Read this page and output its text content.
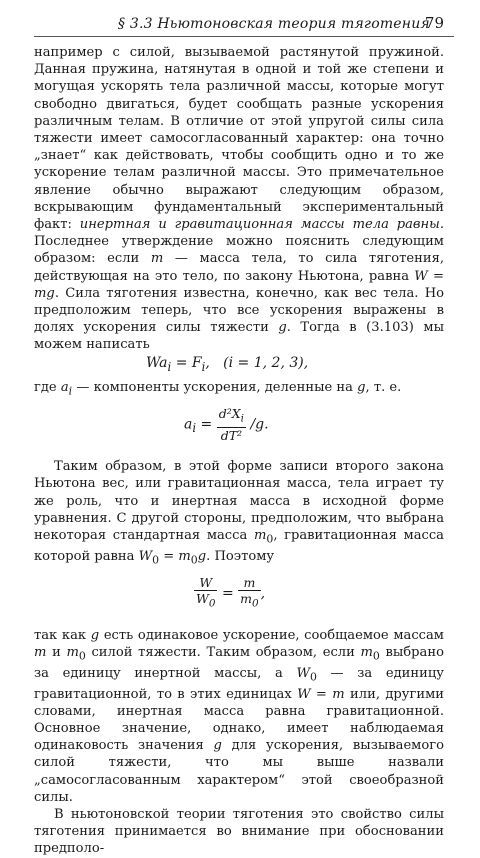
§ 3.3 Ньютоновская теория тяготения
79

например с силой, вызываемой растянутой пружиной. Данная пружина, натянутая в одной и той же степени и могущая ускорять тела различной массы, которые могут свободно двигаться, будет сообщать разные ускорения различным телам. В отличие от этой упругой силы сила тяжести имеет самосогласованный характер: она точно „знает“ как действовать, чтобы сообщить одно и то же ускорение телам различной массы. Это примечательное явление обычно выражают следующим образом, вскрывающим фундаментальный экспериментальный факт: инертная и гравитационная массы тела равны. Последнее утверждение можно пояснить следующим образом: если m — масса тела, то сила тяготения, действующая на это тело, по закону Ньютона, равна W = mg. Сила тяготения известна, конечно, как вес тела. Но предположим теперь, что все ускорения выражены в долях ускорения силы тяжести g. Тогда в (3.103) мы можем написать

$Wa_i = F_i$,   (i = 1, 2, 3),

где $a_i$ — компоненты ускорения, деленные на g, т. е.

$a_i = \frac{d^2X_i}{\text{dT²}} /g$.

Таким образом, в этой форме записи второго закона Ньютона вес, или гравитационная масса, тела играет ту же роль, что и инертная масса в исходной форме уравнения. С другой стороны, предположим, что выбрана некоторая стандартная масса $m_0$, гравитационная масса которой равна $W_0 = m_0g$. Поэтому

$\frac{W}{W_0} = \frac{m}{m_0}$ ,

так как g есть одинаковое ускорение, сообщаемое массам m и $m_0$ силой тяжести. Таким образом, если $m_0$ выбрано за единицу инертной массы, а $W_0$ — за единицу гравитационной, то в этих единицах W = m или, другими словами, инертная масса равна гравитационной. Основное значение, однако, имеет наблюдаемая одинаковость значения g для ускорения, вызываемого силой тяжести, что мы выше назвали „самосогласованным характером“ этой своеобразной силы.

В ньютоновской теории тяготения это свойство силы тяготения принимается во внимание при обосновании предполо-
